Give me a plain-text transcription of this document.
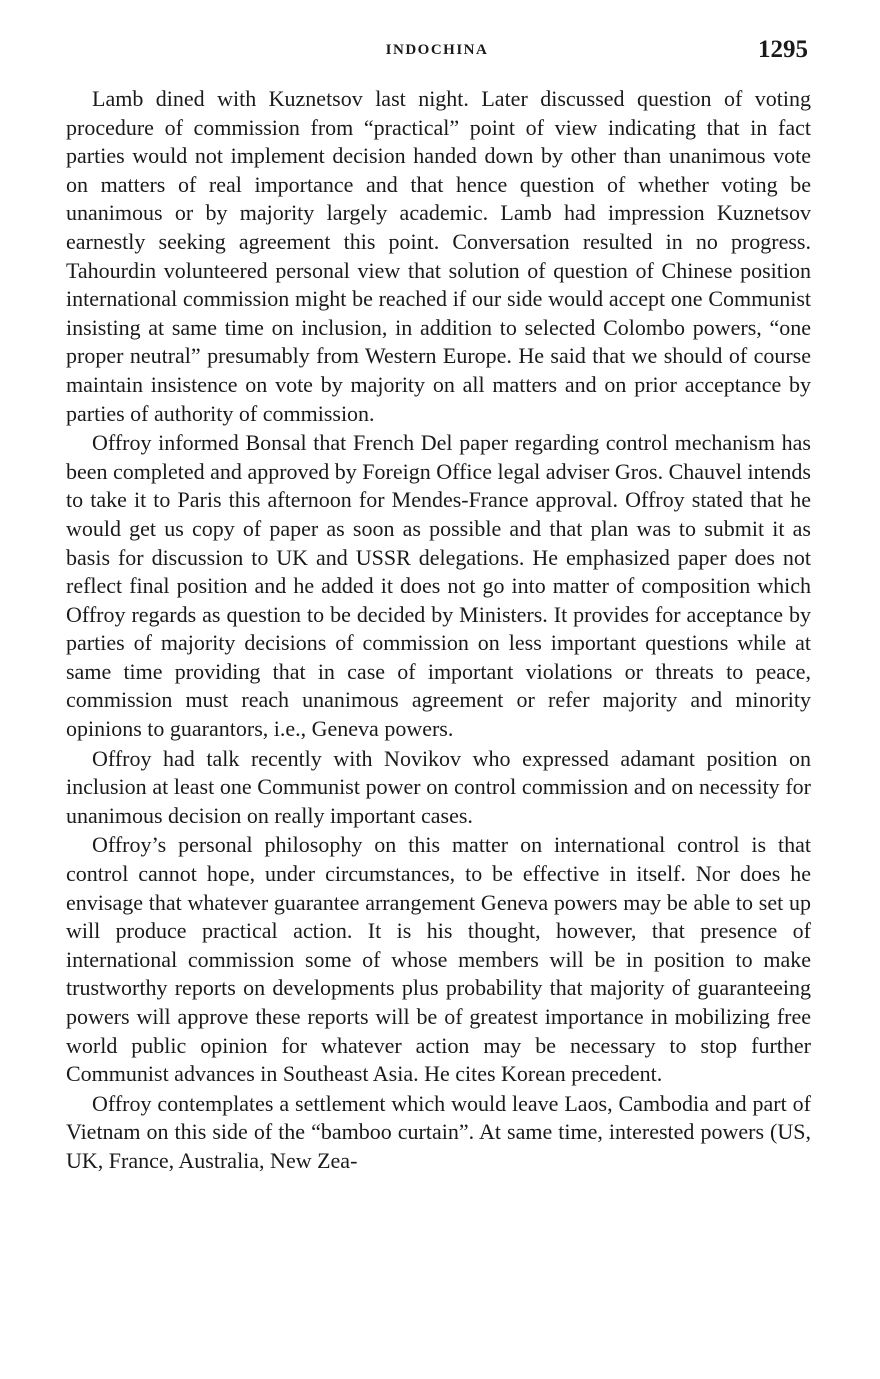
INDOCHINA	1295

Lamb dined with Kuznetsov last night. Later discussed question of voting procedure of commission from “practical” point of view indicating that in fact parties would not implement decision handed down by other than unanimous vote on matters of real importance and that hence question of whether voting be unanimous or by majority largely academic. Lamb had impression Kuznetsov earnestly seeking agreement this point. Conversation resulted in no progress. Tahourdin volunteered personal view that solution of question of Chinese position international commission might be reached if our side would accept one Communist insisting at same time on inclusion, in addition to selected Colombo powers, “one proper neutral” presumably from Western Europe. He said that we should of course maintain insistence on vote by majority on all matters and on prior acceptance by parties of authority of commission.

Offroy informed Bonsal that French Del paper regarding control mechanism has been completed and approved by Foreign Office legal adviser Gros. Chauvel intends to take it to Paris this afternoon for Mendes-France approval. Offroy stated that he would get us copy of paper as soon as possible and that plan was to submit it as basis for discussion to UK and USSR delegations. He emphasized paper does not reflect final position and he added it does not go into matter of composition which Offroy regards as question to be decided by Ministers. It provides for acceptance by parties of majority decisions of commission on less important questions while at same time providing that in case of important violations or threats to peace, commission must reach unanimous agreement or refer majority and minority opinions to guarantors, i.e., Geneva powers.

Offroy had talk recently with Novikov who expressed adamant position on inclusion at least one Communist power on control commission and on necessity for unanimous decision on really important cases.

Offroy’s personal philosophy on this matter on international control is that control cannot hope, under circumstances, to be effective in itself. Nor does he envisage that whatever guarantee arrangement Geneva powers may be able to set up will produce practical action. It is his thought, however, that presence of international commission some of whose members will be in position to make trustworthy reports on developments plus probability that majority of guaranteeing powers will approve these reports will be of greatest importance in mobilizing free world public opinion for whatever action may be necessary to stop further Communist advances in Southeast Asia. He cites Korean precedent.

Offroy contemplates a settlement which would leave Laos, Cambodia and part of Vietnam on this side of the “bamboo curtain”. At same time, interested powers (US, UK, France, Australia, New Zea-
